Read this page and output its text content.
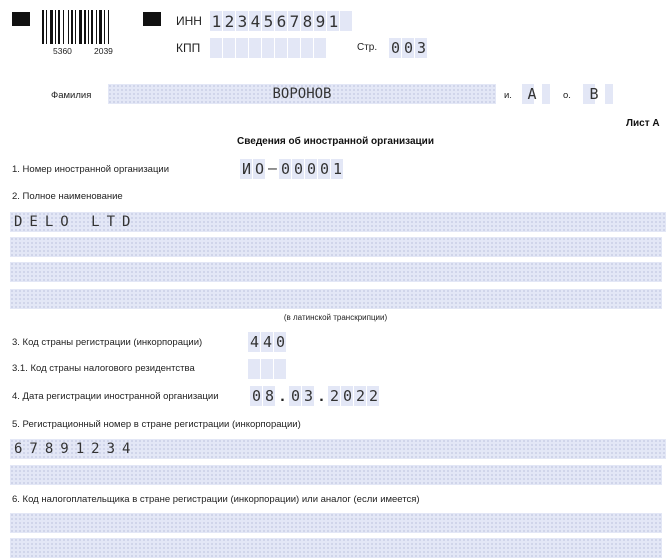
5360	2039
ИНН 1 2 3 4 5 6 7 8 9 1
КПП	Стр. 0 0 3
Фамилия	ВОРОНОВ	и. А	о. В
Лист А
Сведения об иностранной организации
1. Номер иностранной организации	И О – 0 0 0 0 1
2. Полное наименование
DELO LTD
(в латинской транскрипции)
3. Код страны регистрации (инкорпорации)	4 4 0
3.1. Код страны налогового резидентства
4. Дата регистрации иностранной организации 0 8 . 0 3 . 2 0 2 2
5. Регистрационный номер в стране регистрации (инкорпорации)
67891234
6. Код налогоплательщика в стране регистрации (инкорпорации) или аналог (если имеется)
